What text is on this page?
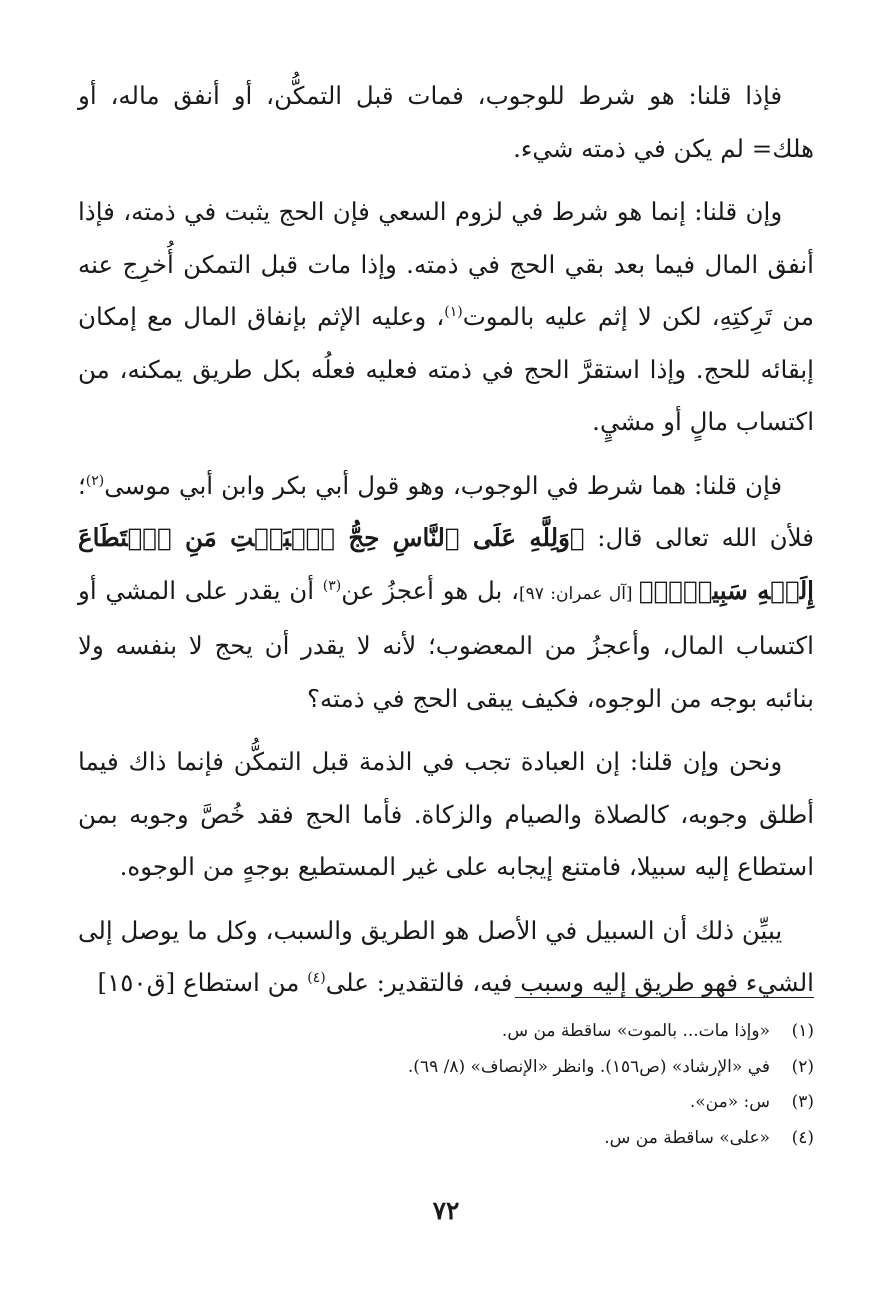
فإذا قلنا: هو شرط للوجوب، فمات قبل التمكُّن، أو أنفق ماله، أو هلك= لم يكن في ذمته شيء.

وإن قلنا: إنما هو شرط في لزوم السعي فإن الحج يثبت في ذمته، فإذا أنفق المال فيما بعد بقي الحج في ذمته. وإذا مات قبل التمكن أُخرِج عنه من تَرِكتِهِ، لكن لا إثم عليه بالموت$^{(١)}$، وعليه الإثم بإنفاق المال مع إمكان إبقائه للحج. وإذا استقرَّ الحج في ذمته فعليه فعلُه بكل طريق يمكنه، من اكتساب مالٍ أو مشيٍ.

فإن قلنا: هما شرط في الوجوب، وهو قول أبي بكر وابن أبي موسى$^{(٢)}$؛ فلأن الله تعالى قال: ﴿وَلِلَّهِ عَلَى ٱلنَّاسِ حِجُّ ٱلۡبَيۡتِ مَنِ ٱسۡتَطَاعَ إِلَيۡهِ سَبِيلٗاۚ﴾ [آل عمران: ٩٧]، بل هو أعجزُ عن$^{(٣)}$ أن يقدر على المشي أو اكتساب المال، وأعجزُ من المعضوب؛ لأنه لا يقدر أن يحج لا بنفسه ولا بنائبه بوجه من الوجوه، فكيف يبقى الحج في ذمته؟

ونحن وإن قلنا: إن العبادة تجب في الذمة قبل التمكُّن فإنما ذاك فيما أطلق وجوبه، كالصلاة والصيام والزكاة. فأما الحج فقد خُصَّ وجوبه بمن استطاع إليه سبيلا، فامتنع إيجابه على غير المستطيع بوجهٍ من الوجوه.

يبيِّن ذلك أن السبيل في الأصل هو الطريق والسبب، وكل ما يوصل إلى الشيء فهو طريق إليه وسبب فيه، فالتقدير: على$^{(٤)}$ من استطاع [ق١٥٠]

(١)
«وإذا مات... بالموت» ساقطة من س.
(٢)
في «الإرشاد» (ص١٥٦). وانظر «الإنصاف» (٨/ ٦٩).
(٣)
س: «من».
(٤)
«على» ساقطة من س.
٧٢
